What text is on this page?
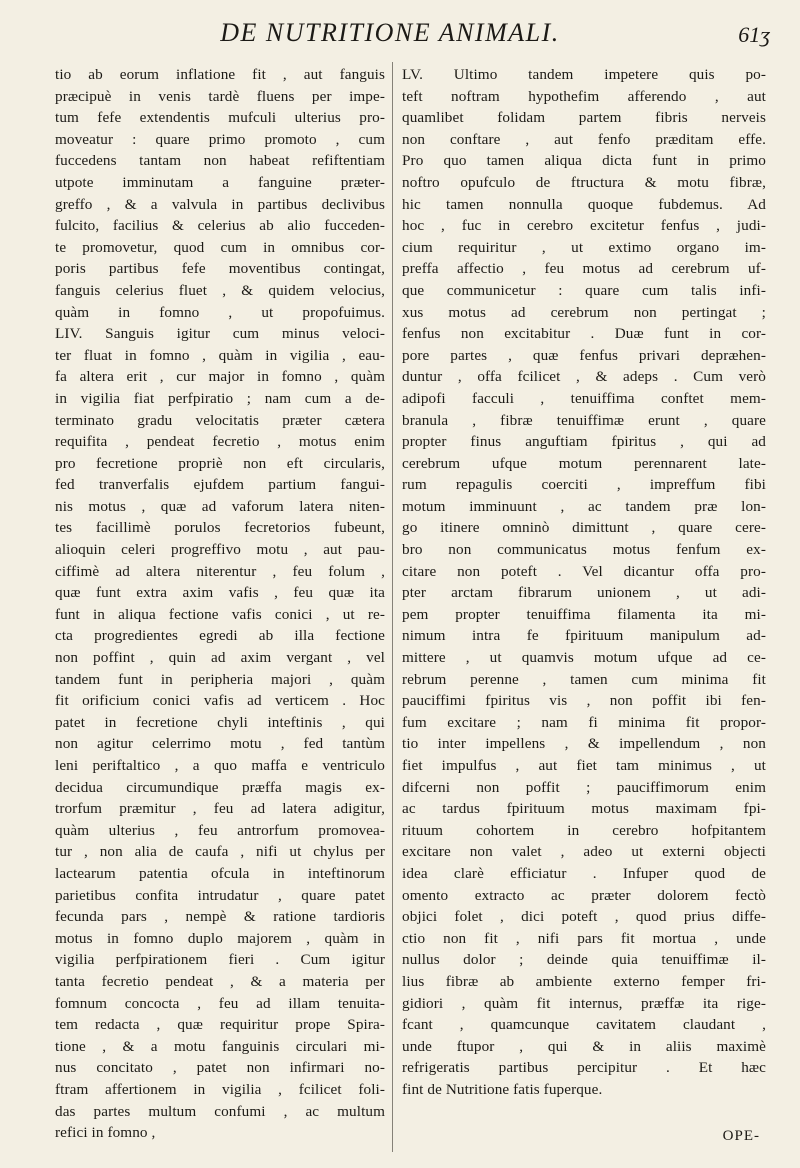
DE NUTRITIONE ANIMALI.	61ʒ
tio ab eorum inflatione fit , aut fanguis
præcipuè in venis tardè fluens per impe-
tum fefe extendentis mufculi ulterius pro-
moveatur : quare primo promoto , cum
fuccedens tantam non habeat refiftentiam
utpote imminutam a fanguine præter-
greffo , & a valvula in partibus declivibus
fulcito, facilius & celerius ab alio fucceden-
te promovetur, quod cum in omnibus cor-
poris partibus fefe moventibus contingat,
fanguis celerius fluet , & quidem velocius,
quàm in fomno , ut propofuimus.
LIV. Sanguis igitur cum minus veloci-
ter fluat in fomno , quàm in vigilia , eau-
fa altera erit , cur major in fomno , quàm
in vigilia fiat perfpiratio ; nam cum a de-
terminato gradu velocitatis præter cætera
requifita , pendeat fecretio , motus enim
pro fecretione propriè non eft circularis,
fed tranverfalis ejufdem partium fangui-
nis motus , quæ ad vaforum latera niten-
tes facillimè porulos fecretorios fubeunt,
alioquin celeri progreffivo motu , aut pau-
ciffimè ad altera niterentur , feu folum ,
quæ funt extra axim vafis , feu quæ ita
funt in aliqua fectione vafis conici , ut re-
cta progredientes egredi ab illa fectione
non poffint , quin ad axim vergant , vel
tandem funt in peripheria majori , quàm
fit orificium conici vafis ad verticem . Hoc
patet in fecretione chyli inteftinis , qui
non agitur celerrimo motu , fed tantùm
leni periftaltico , a quo maffa e ventriculo
decidua circumundique præffa magis ex-
trorfum præmitur , feu ad latera adigitur,
quàm ulterius , feu antrorfum promovea-
tur , non alia de caufa , nifi ut chylus per
lactearum patentia ofcula in inteftinorum
parietibus confita intrudatur , quare patet
fecunda pars , nempè & ratione tardioris
motus in fomno duplo majorem , quàm in
vigilia perfpirationem fieri . Cum igitur
tanta fecretio pendeat , & a materia per
fomnum concocta , feu ad illam tenuita-
tem redacta , quæ requiritur prope Spira-
tione , & a motu fanguinis circulari mi-
nus concitato , patet non infirmari no-
ftram affertionem in vigilia , fcilicet foli-
das partes multum confumi , ac multum
refici in fomno ,
LV. Ultimo tandem impetere quis po-
teft noftram hypothefim afferendo , aut
quamlibet folidam partem fibris nerveis
non conftare , aut fenfo præditam effe.
Pro quo tamen aliqua dicta funt in primo
noftro opufculo de ftructura & motu fibræ,
hic tamen nonnulla quoque fubdemus. Ad
hoc , fuc in cerebro excitetur fenfus , judi-
cium requiritur , ut extimo organo im-
preffa affectio , feu motus ad cerebrum uf-
que communicetur : quare cum talis infi-
xus motus ad cerebrum non pertingat ;
fenfus non excitabitur . Duæ funt in cor-
pore partes , quæ fenfus privari depræhen-
duntur , offa fcilicet , & adeps . Cum verò
adipofi facculi , tenuiffima conftet mem-
branula , fibræ tenuiffimæ erunt , quare
propter finus anguftiam fpiritus , qui ad
cerebrum ufque motum perennarent late-
rum repagulis coerciti , impreffum fibi
motum imminuunt , ac tandem præ lon-
go itinere omninò dimittunt , quare cere-
bro non communicatus motus fenfum ex-
citare non poteft . Vel dicantur offa pro-
pter arctam fibrarum unionem , ut adi-
pem propter tenuiffima filamenta ita mi-
nimum intra fe fpirituum manipulum ad-
mittere , ut quamvis motum ufque ad ce-
rebrum perenne , tamen cum minima fit
pauciffimi fpiritus vis , non poffit ibi fen-
fum excitare ; nam fi minima fit propor-
tio inter impellens , & impellendum , non
fiet impulfus , aut fiet tam minimus , ut
difcerni non poffit ; pauciffimorum enim
ac tardus fpirituum motus maximam fpi-
rituum cohortem in cerebro hofpitantem
excitare non valet , adeo ut externi objecti
idea clarè efficiatur . Infuper quod de
omento extracto ac præter dolorem fectò
objici folet , dici poteft , quod prius diffe-
ctio non fit , nifi pars fit mortua , unde
nullus dolor ; deinde quia tenuiffimæ il-
lius fibræ ab ambiente externo femper fri-
gidiori , quàm fit internus, præffæ ita rige-
fcant , quamcunque cavitatem claudant ,
unde ftupor , qui & in aliis maximè
refrigeratis partibus percipitur . Et hæc
fint de Nutritione fatis fuperque.
OPE-
